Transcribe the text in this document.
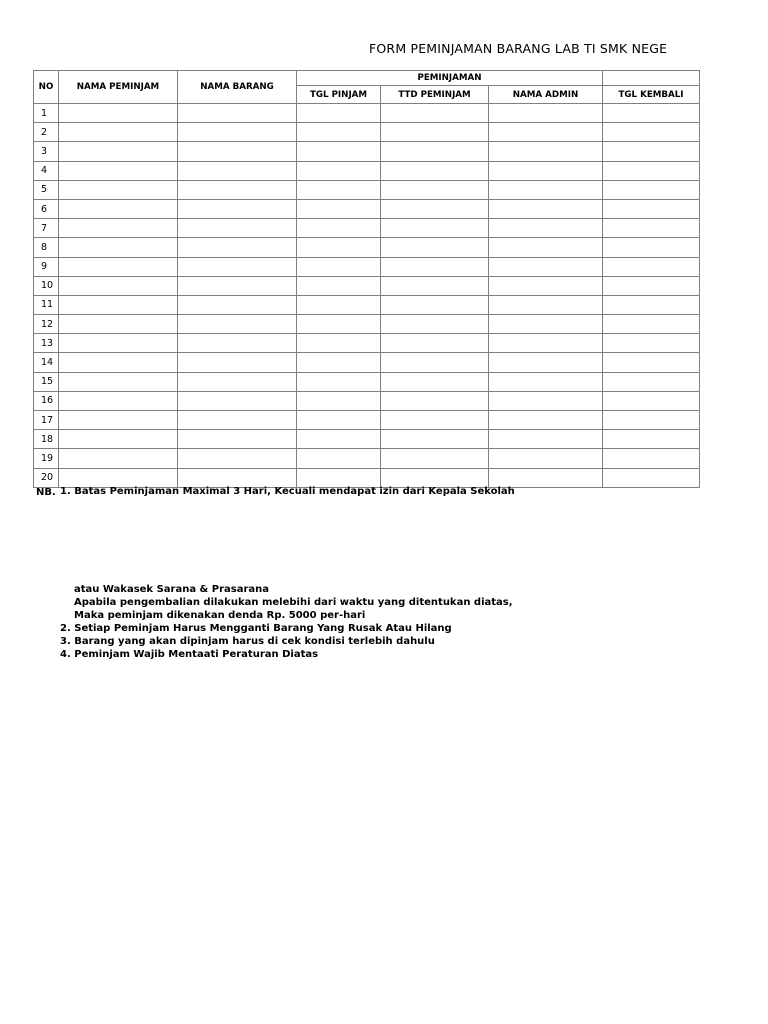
FORM PEMINJAMAN BARANG LAB TI SMK NEGE
NO	NAMA PEMINJAM	NAMA BARANG	PEMINJAMAN			
			TGL PINJAM	TTD PEMINJAM	NAMA ADMIN	TGL KEMBALI
1						
2						
3						
4						
5						
6						
7						
8						
9						
10						
11						
12						
13						
14						
15						
16						
17						
18						
19						
20						
NB. 1. Batas Peminjaman Maximal 3 Hari, Kecuali mendapat izin dari Kepala Sekolah
atau Wakasek Sarana & Prasarana
Apabila pengembalian dilakukan melebihi dari waktu yang ditentukan diatas,
Maka peminjam dikenakan denda Rp. 5000 per-hari
2. Setiap Peminjam Harus Mengganti Barang Yang Rusak Atau Hilang
3. Barang yang akan dipinjam harus di cek kondisi terlebih dahulu
4. Peminjam Wajib Mentaati Peraturan Diatas
